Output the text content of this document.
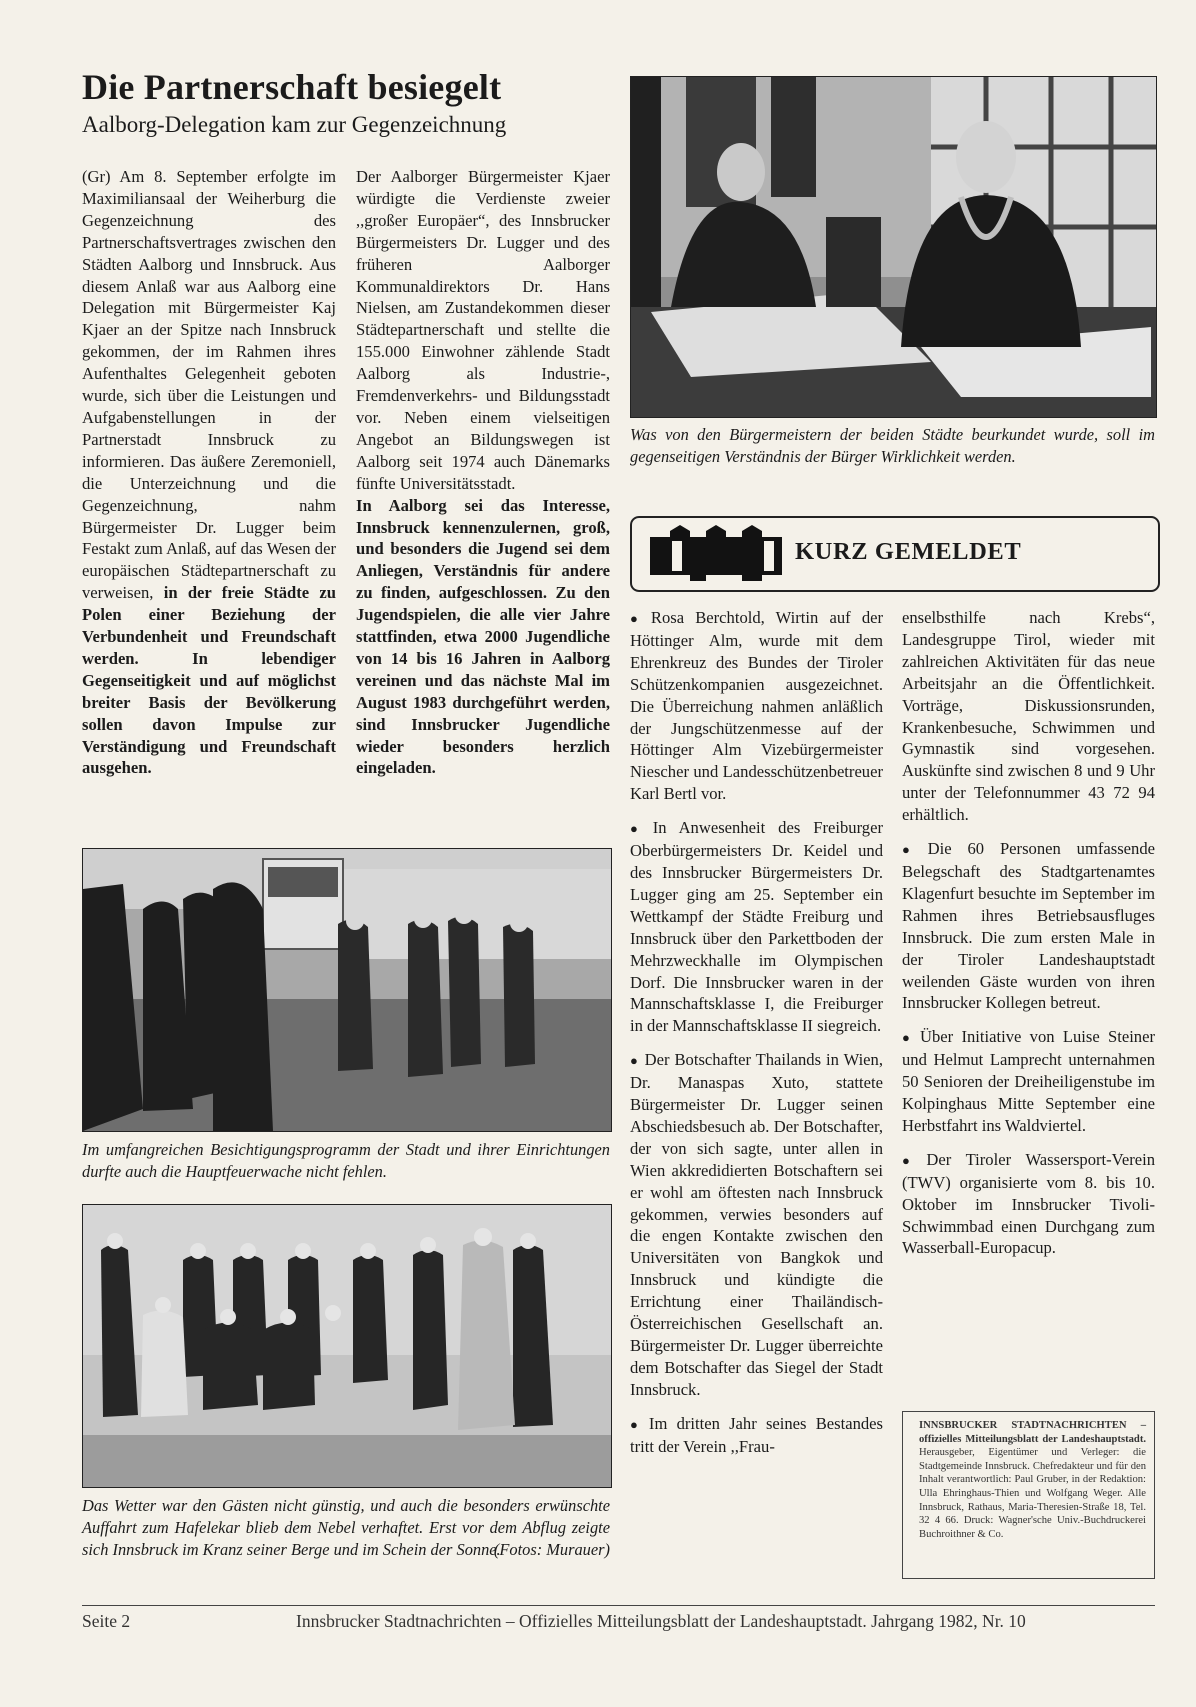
Die Partnerschaft besiegelt
Aalborg-Delegation kam zur Gegenzeichnung

(Gr) Am 8. September erfolgte im Maximiliansaal der Weiherburg die Gegenzeichnung des Partnerschaftsvertrages zwischen den Städten Aalborg und Innsbruck. Aus diesem Anlaß war aus Aalborg eine Delegation mit Bürgermeister Kaj Kjaer an der Spitze nach Innsbruck gekommen, der im Rahmen ihres Aufenthaltes Gelegenheit geboten wurde, sich über die Leistungen und Aufgabenstellungen in der Partnerstadt Innsbruck zu informieren. Das äußere Zeremoniell, die Unterzeichnung und die Gegenzeichnung, nahm Bürgermeister Dr. Lugger beim Festakt zum Anlaß, auf das Wesen der europäischen Städtepartnerschaft zu verweisen, in der freie Städte zu Polen einer Beziehung der Verbundenheit und Freundschaft werden. In lebendiger Gegenseitigkeit und auf möglichst breiter Basis der Bevölkerung sollen davon Impulse zur Verständigung und Freundschaft ausgehen.

Der Aalborger Bürgermeister Kjaer würdigte die Verdienste zweier ,,großer Europäer“, des Innsbrucker Bürgermeisters Dr. Lugger und des früheren Aalborger Kommunaldirektors Dr. Hans Nielsen, am Zustandekommen dieser Städtepartnerschaft und stellte die 155.000 Einwohner zählende Stadt Aalborg als Industrie-, Fremdenverkehrs- und Bildungsstadt vor. Neben einem vielseitigen Angebot an Bildungswegen ist Aalborg seit 1974 auch Dänemarks fünfte Universitätsstadt.

In Aalborg sei das Interesse, Innsbruck kennenzulernen, groß, und besonders die Jugend sei dem Anliegen, Verständnis für andere zu finden, aufgeschlossen. Zu den Jugendspielen, die alle vier Jahre stattfinden, etwa 2000 Jugendliche von 14 bis 16 Jahren in Aalborg vereinen und das nächste Mal im August 1983 durchgeführt werden, sind Innsbrucker Jugendliche wieder besonders herzlich eingeladen.

Was von den Bürgermeistern der beiden Städte beurkundet wurde, soll im gegenseitigen Verständnis der Bürger Wirklichkeit werden.
KURZ GEMELDET

● Rosa Berchtold, Wirtin auf der Höttinger Alm, wurde mit dem Ehrenkreuz des Bundes der Tiroler Schützenkompanien ausgezeichnet. Die Überreichung nahmen anläßlich der Jungschützenmesse auf der Höttinger Alm Vizebürgermeister Niescher und Landesschützenbetreuer Karl Bertl vor.

● In Anwesenheit des Freiburger Oberbürgermeisters Dr. Keidel und des Innsbrucker Bürgermeisters Dr. Lugger ging am 25. September ein Wettkampf der Städte Freiburg und Innsbruck über den Parkettboden der Mehrzweckhalle im Olympischen Dorf. Die Innsbrucker waren in der Mannschaftsklasse I, die Freiburger in der Mannschaftsklasse II siegreich.

● Der Botschafter Thailands in Wien, Dr. Manaspas Xuto, stattete Bürgermeister Dr. Lugger seinen Abschiedsbesuch ab. Der Botschafter, der von sich sagte, unter allen in Wien akkredidierten Botschaftern sei er wohl am öftesten nach Innsbruck gekommen, verwies besonders auf die engen Kontakte zwischen den Universitäten von Bangkok und Innsbruck und kündigte die Errichtung einer Thailändisch-Österreichischen Gesellschaft an. Bürgermeister Dr. Lugger überreichte dem Botschafter das Siegel der Stadt Innsbruck.

● Im dritten Jahr seines Bestandes tritt der Verein ,,Frau-

enselbsthilfe nach Krebs“, Landesgruppe Tirol, wieder mit zahlreichen Aktivitäten für das neue Arbeitsjahr an die Öffentlichkeit. Vorträge, Diskussionsrunden, Krankenbesuche, Schwimmen und Gymnastik sind vorgesehen. Auskünfte sind zwischen 8 und 9 Uhr unter der Telefonnummer 43 72 94 erhältlich.

● Die 60 Personen umfassende Belegschaft des Stadtgartenamtes Klagenfurt besuchte im September im Rahmen ihres Betriebsausfluges Innsbruck. Die zum ersten Male in der Tiroler Landeshauptstadt weilenden Gäste wurden von ihren Innsbrucker Kollegen betreut.

● Über Initiative von Luise Steiner und Helmut Lamprecht unternahmen 50 Senioren der Dreiheiligenstube im Kolpinghaus Mitte September eine Herbstfahrt ins Waldviertel.

● Der Tiroler Wassersport-Verein (TWV) organisierte vom 8. bis 10. Oktober im Innsbrucker Tivoli-Schwimmbad einen Durchgang zum Wasserball-Europacup.

Im umfangreichen Besichtigungsprogramm der Stadt und ihrer Einrichtungen durfte auch die Hauptfeuerwache nicht fehlen.

Das Wetter war den Gästen nicht günstig, und auch die besonders erwünschte Auffahrt zum Hafelekar blieb dem Nebel verhaftet. Erst vor dem Abflug zeigte sich Innsbruck im Kranz seiner Berge und im Schein der Sonne.

(Fotos: Murauer)
INNSBRUCKER STADTNACHRICHTEN – offizielles Mitteilungsblatt der Landeshauptstadt. Herausgeber, Eigentümer und Verleger: die Stadtgemeinde Innsbruck. Chefredakteur und für den Inhalt verantwortlich: Paul Gruber, in der Redaktion: Ulla Ehringhaus-Thien und Wolfgang Weger. Alle Innsbruck, Rathaus, Maria-Theresien-Straße 18, Tel. 32 4 66. Druck: Wagner'sche Univ.-Buchdruckerei Buchroithner & Co.
Seite 2	Innsbrucker Stadtnachrichten – Offizielles Mitteilungsblatt der Landeshauptstadt. Jahrgang 1982, Nr. 10
